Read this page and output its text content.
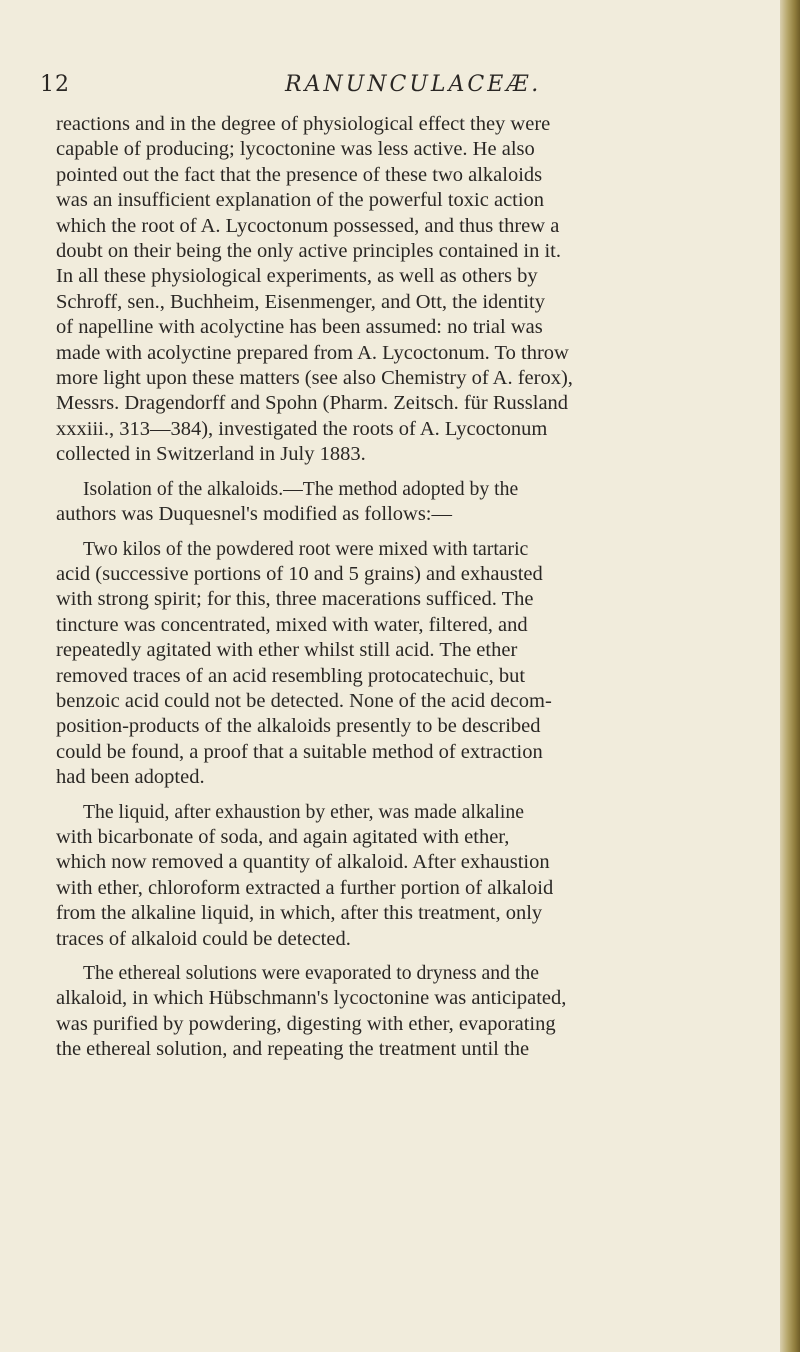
12	RANUNCULACEÆ.

reactions and in the degree of physiological effect they were
capable of producing; lycoctonine was less active. He also
pointed out the fact that the presence of these two alkaloids
was an insufficient explanation of the powerful toxic action
which the root of A. Lycoctonum possessed, and thus threw a
doubt on their being the only active principles contained in it.
In all these physiological experiments, as well as others by
Schroff, sen., Buchheim, Eisenmenger, and Ott, the identity
of napelline with acolyctine has been assumed: no trial was
made with acolyctine prepared from A. Lycoctonum. To throw
more light upon these matters (see also Chemistry of A. ferox),
Messrs. Dragendorff and Spohn (Pharm. Zeitsch. für Russland
xxxiii., 313—384), investigated the roots of A. Lycoctonum
collected in Switzerland in July 1883.

Isolation of the alkaloids.—The method adopted by the
authors was Duquesnel's modified as follows:—

Two kilos of the powdered root were mixed with tartaric
acid (successive portions of 10 and 5 grains) and exhausted
with strong spirit; for this, three macerations sufficed. The
tincture was concentrated, mixed with water, filtered, and
repeatedly agitated with ether whilst still acid. The ether
removed traces of an acid resembling protocatechuic, but
benzoic acid could not be detected. None of the acid decom-
position-products of the alkaloids presently to be described
could be found, a proof that a suitable method of extraction
had been adopted.

The liquid, after exhaustion by ether, was made alkaline
with bicarbonate of soda, and again agitated with ether,
which now removed a quantity of alkaloid. After exhaustion
with ether, chloroform extracted a further portion of alkaloid
from the alkaline liquid, in which, after this treatment, only
traces of alkaloid could be detected.

The ethereal solutions were evaporated to dryness and the
alkaloid, in which Hübschmann's lycoctonine was anticipated,
was purified by powdering, digesting with ether, evaporating
the ethereal solution, and repeating the treatment until the
